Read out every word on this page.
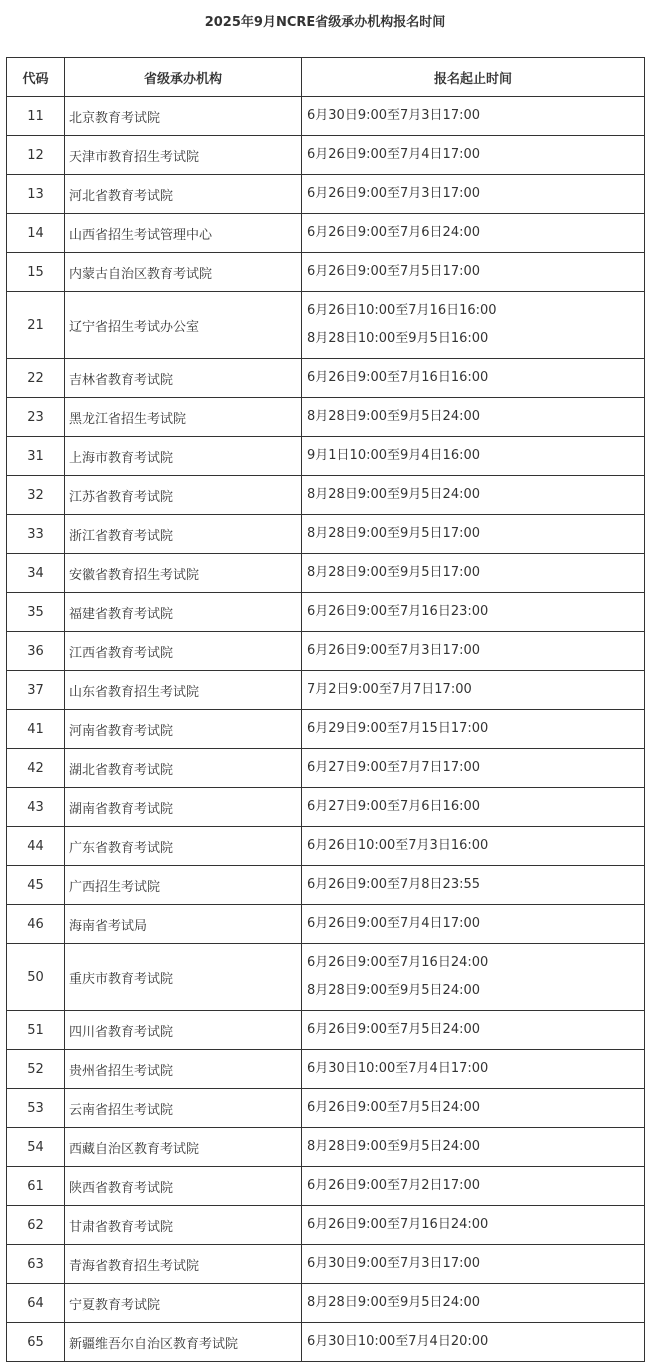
2025年9月NCRE省级承办机构报名时间
代码	省级承办机构	报名起止时间
11	北京教育考试院	6月30日9:00至7月3日17:00

12	天津市教育招生考试院	6月26日9:00至7月4日17:00

13	河北省教育考试院	6月26日9:00至7月3日17:00

14	山西省招生考试管理中心	6月26日9:00至7月6日24:00

15	内蒙古自治区教育考试院	6月26日9:00至7月5日17:00

21	辽宁省招生考试办公室	6月26日10:00至7月16日16:00
8月28日10:00至9月5日16:00

22	吉林省教育考试院	6月26日9:00至7月16日16:00

23	黑龙江省招生考试院	8月28日9:00至9月5日24:00

31	上海市教育考试院	9月1日10:00至9月4日16:00

32	江苏省教育考试院	8月28日9:00至9月5日24:00

33	浙江省教育考试院	8月28日9:00至9月5日17:00

34	安徽省教育招生考试院	8月28日9:00至9月5日17:00

35	福建省教育考试院	6月26日9:00至7月16日23:00

36	江西省教育考试院	6月26日9:00至7月3日17:00

37	山东省教育招生考试院	7月2日9:00至7月7日17:00

41	河南省教育考试院	6月29日9:00至7月15日17:00

42	湖北省教育考试院	6月27日9:00至7月7日17:00

43	湖南省教育考试院	6月27日9:00至7月6日16:00

44	广东省教育考试院	6月26日10:00至7月3日16:00

45	广西招生考试院	6月26日9:00至7月8日23:55

46	海南省考试局	6月26日9:00至7月4日17:00

50	重庆市教育考试院	6月26日9:00至7月16日24:00
8月28日9:00至9月5日24:00

51	四川省教育考试院	6月26日9:00至7月5日24:00

52	贵州省招生考试院	6月30日10:00至7月4日17:00

53	云南省招生考试院	6月26日9:00至7月5日24:00

54	西藏自治区教育考试院	8月28日9:00至9月5日24:00

61	陕西省教育考试院	6月26日9:00至7月2日17:00

62	甘肃省教育考试院	6月26日9:00至7月16日24:00

63	青海省教育招生考试院	6月30日9:00至7月3日17:00

64	宁夏教育考试院	8月28日9:00至9月5日24:00

65	新疆维吾尔自治区教育考试院	6月30日10:00至7月4日20:00
